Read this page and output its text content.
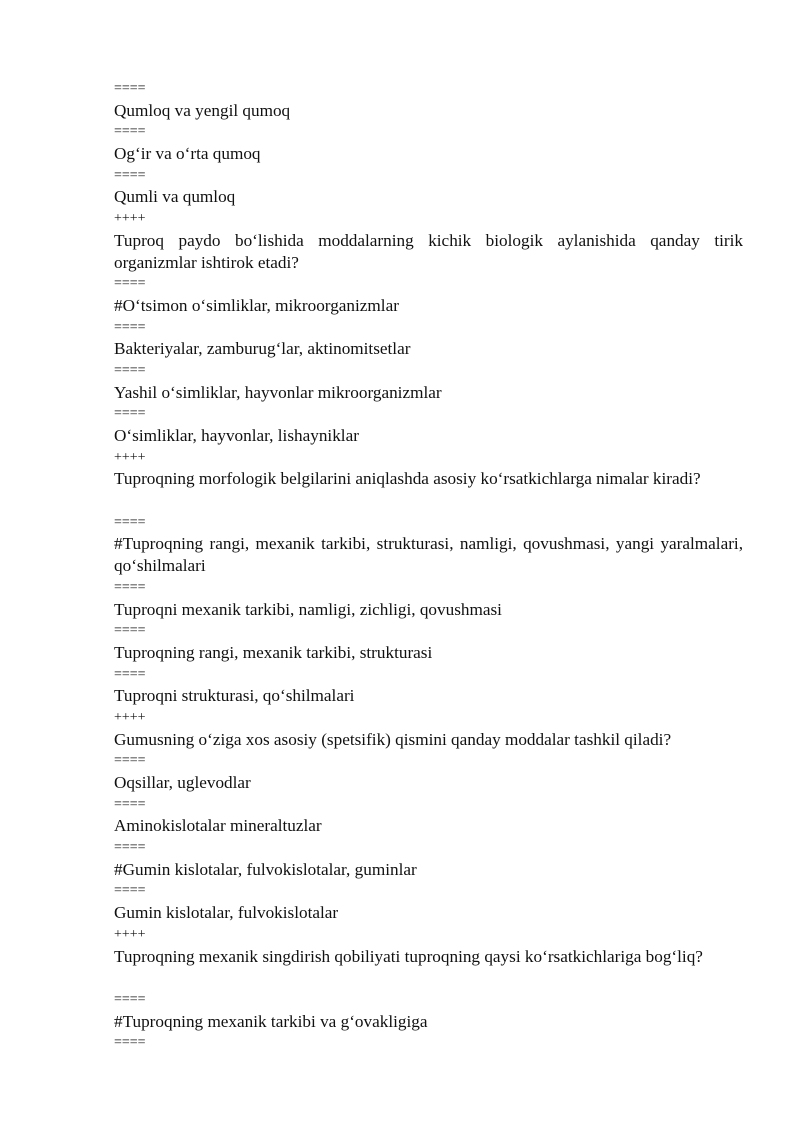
====
Qumloq va yengil qumoq
====
Og‘ir va o‘rta qumoq
====
Qumli va qumloq
++++
Tuproq paydo bo‘lishida moddalarning kichik biologik aylanishida qanday tirik organizmlar ishtirok etadi?
====
#O‘tsimon o‘simliklar, mikroorganizmlar
====
Bakteriyalar, zamburug‘lar, aktinomitsetlar
====
Yashil o‘simliklar, hayvonlar mikroorganizmlar
====
O‘simliklar, hayvonlar, lishayniklar
++++
Tuproqning morfologik belgilarini aniqlashda asosiy ko‘rsatkichlarga nimalar kiradi?
====
#Tuproqning rangi, mexanik tarkibi, strukturasi, namligi, qovushmasi, yangi yaralmalari, qo‘shilmalari
====
Tuproqni mexanik tarkibi, namligi, zichligi, qovushmasi
====
Tuproqning rangi, mexanik tarkibi, strukturasi
====
Tuproqni strukturasi, qo‘shilmalari
++++
Gumusning o‘ziga xos asosiy (spetsifik) qismini qanday moddalar tashkil qiladi?
====
Oqsillar, uglevodlar
====
Aminokislotalar mineraltuzlar
====
#Gumin kislotalar, fulvokislotalar, guminlar
====
Gumin kislotalar, fulvokislotalar
++++
Tuproqning mexanik singdirish qobiliyati tuproqning qaysi ko‘rsatkichlariga bog‘liq?
====
#Tuproqning mexanik tarkibi va g‘ovakligiga
====
